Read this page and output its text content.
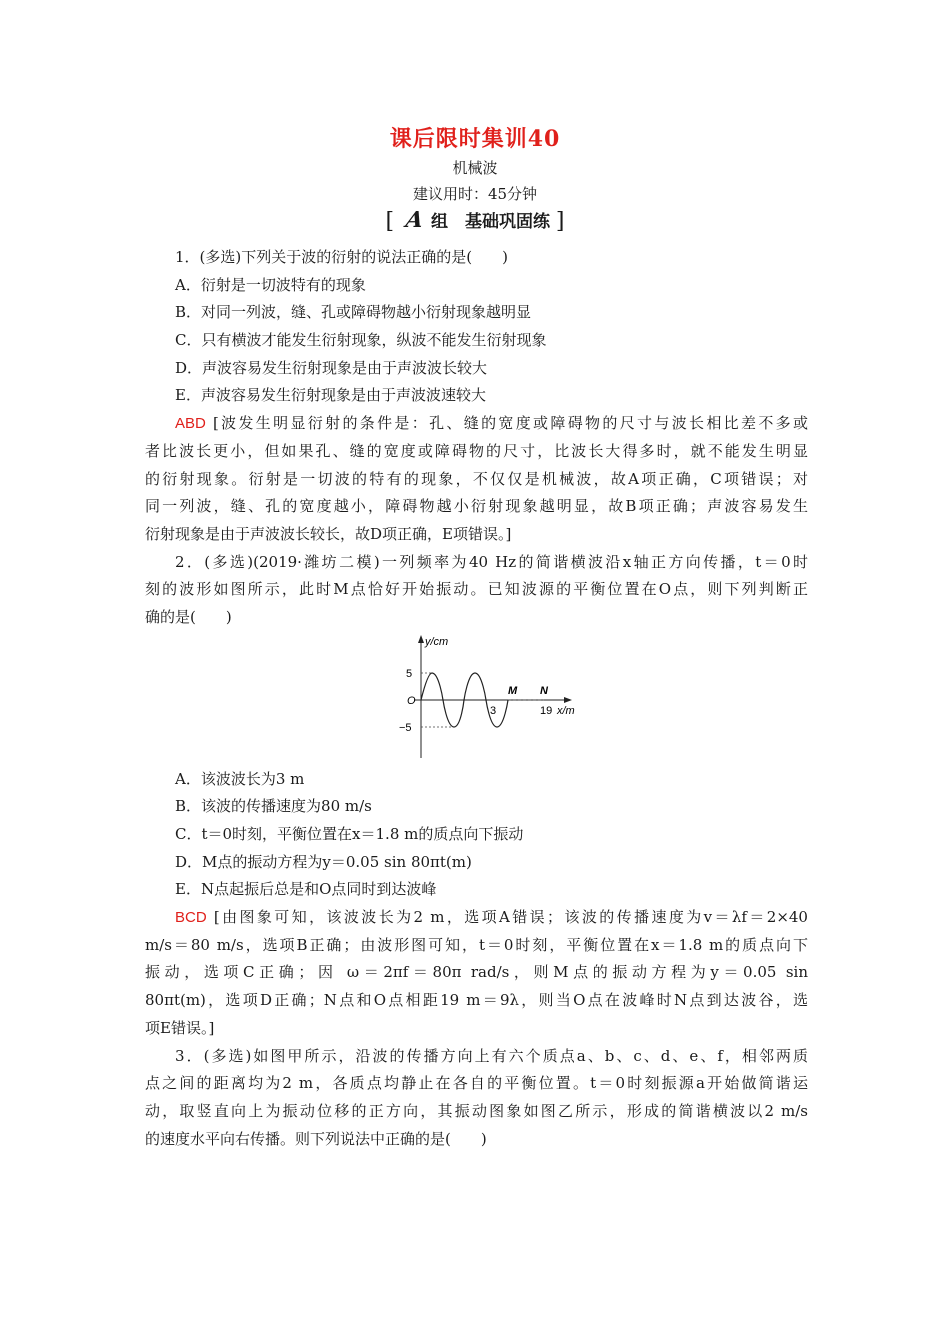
课后限时集训40
机械波
建议用时：45分钟
[ A 组　基础巩固练 ]
1．(多选)下列关于波的衍射的说法正确的是(　　)
A．衍射是一切波特有的现象
B．对同一列波，缝、孔或障碍物越小衍射现象越明显
C．只有横波才能发生衍射现象，纵波不能发生衍射现象
D．声波容易发生衍射现象是由于声波波长较大
E．声波容易发生衍射现象是由于声波波速较大
ABD [波发生明显衍射的条件是：孔、缝的宽度或障碍物的尺寸与波长相比差不多或
者比波长更小，但如果孔、缝的宽度或障碍物的尺寸，比波长大得多时，就不能发生明显
的衍射现象。衍射是一切波的特有的现象，不仅仅是机械波，故A项正确，C项错误；对
同一列波，缝、孔的宽度越小，障碍物越小衍射现象越明显，故B项正确；声波容易发生
衍射现象是由于声波波长较长，故D项正确，E项错误。]
2．(多选)(2019·潍坊二模)一列频率为40 Hz的简谐横波沿x轴正方向传播，t＝0时
刻的波形如图所示，此时M点恰好开始振动。已知波源的平衡位置在O点，则下列判断正
确的是(　　)
y/cm
5
O
−5
3
M N
19 x/m
A．该波波长为3 m
B．该波的传播速度为80 m/s
C．t＝0时刻，平衡位置在x＝1.8 m的质点向下振动
D．M点的振动方程为y＝0.05 sin 80πt(m)
E．N点起振后总是和O点同时到达波峰
BCD [由图象可知，该波波长为2 m，选项A错误；该波的传播速度为v＝λf＝2×40
m/s＝80 m/s，选项B正确；由波形图可知，t＝0时刻，平衡位置在x＝1.8 m的质点向下
振动，选项C正确；因 ω＝2πf＝80π rad/s，则M点的振动方程为y＝0.05 sin
80πt(m)，选项D正确；N点和O点相距19 m＝9λ，则当O点在波峰时N点到达波谷，选
项E错误。]
3．(多选)如图甲所示，沿波的传播方向上有六个质点a、b、c、d、e、f，相邻两质
点之间的距离均为2 m，各质点均静止在各自的平衡位置。t＝0时刻振源a开始做简谐运
动，取竖直向上为振动位移的正方向，其振动图象如图乙所示，形成的简谐横波以2 m/s
的速度水平向右传播。则下列说法中正确的是(　　)
